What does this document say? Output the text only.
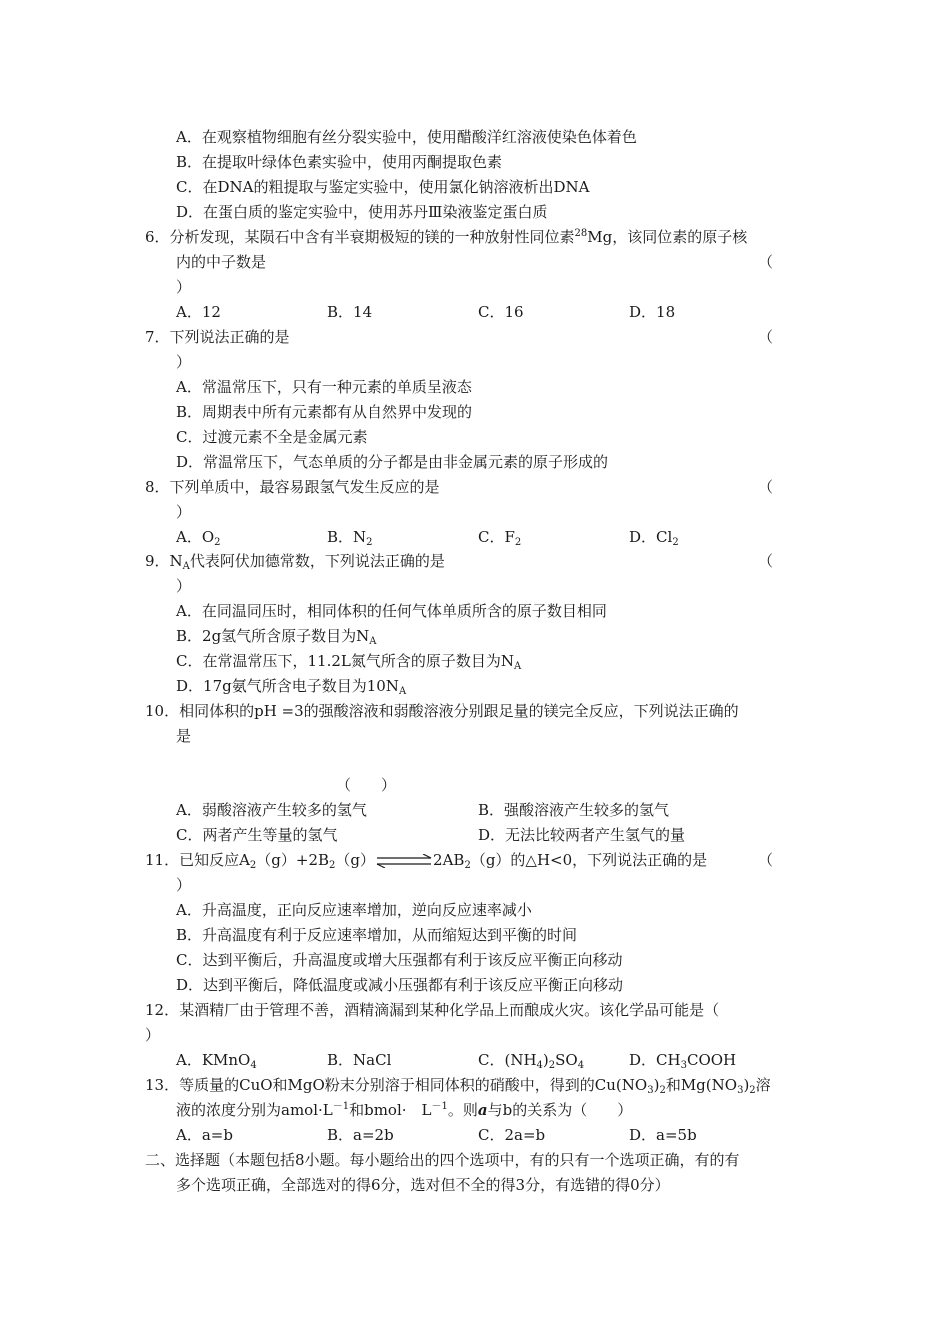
A．在观察植物细胞有丝分裂实验中，使用醋酸洋红溶液使染色体着色
B．在提取叶绿体色素实验中，使用丙酮提取色素
C．在DNA的粗提取与鉴定实验中，使用氯化钠溶液析出DNA
D．在蛋白质的鉴定实验中，使用苏丹Ⅲ染液鉴定蛋白质
6．分析发现，某陨石中含有半衰期极短的镁的一种放射性同位素$^{28}$Mg，该同位素的原子核
内的中子数是	（
）
A．12	B．14	C．16	D．18
7．下列说法正确的是	（
）
A．常温常压下，只有一种元素的单质呈液态
B．周期表中所有元素都有从自然界中发现的
C．过渡元素不全是金属元素
D．常温常压下，气态单质的分子都是由非金属元素的原子形成的
8．下列单质中，最容易跟氢气发生反应的是	（
）
A．$O_2$	B．$N_2$	C．$F_2$	D．$Cl_2$
9．$N_A$代表阿伏加德常数，下列说法正确的是	（
）
A．在同温同压时，相同体积的任何气体单质所含的原子数目相同
B．2g氢气所含原子数目为$N_A$
C．在常温常压下，11.2L氮气所含的原子数目为$N_A$
D．17g氨气所含电子数目为$10N_A$
10．相同体积的pH =3的强酸溶液和弱酸溶液分别跟足量的镁完全反应，下列说法正确的
是
（　　）
A．弱酸溶液产生较多的氢气	B．强酸溶液产生较多的氢气
C．两者产生等量的氢气	D．无法比较两者产生氢气的量
11．已知反应$A_2(g)+2B_2(g)\rightleftharpoons 2AB_2(g)$的△H<0，下列说法正确的是	（
）
A．升高温度，正向反应速率增加，逆向反应速率减小
B．升高温度有利于反应速率增加，从而缩短达到平衡的时间
C．达到平衡后，升高温度或增大压强都有利于该反应平衡正向移动
D．达到平衡后，降低温度或减小压强都有利于该反应平衡正向移动
12．某酒精厂由于管理不善，酒精滴漏到某种化学品上而酿成火灾。该化学品可能是（
）
A．KMnO$_4$	B．NaCl	C．$(NH_4)_2SO_4$	D．$CH_3COOH$
13．等质量的CuO和MgO粉末分别溶于相同体积的硝酸中，得到的$Cu(NO_3)_2$和$Mg(NO_3)_2$溶
液的浓度分别为$amol\cdot L^{-1}$和bmol·　$L^{-1}$。则a与b的关系为（　　）
A．a=b	B．a=2b	C．2a=b	D．a=5b
二、选择题（本题包括8小题。每小题给出的四个选项中，有的只有一个选项正确，有的有
多个选项正确，全部选对的得6分，选对但不全的得3分，有选错的得0分）
